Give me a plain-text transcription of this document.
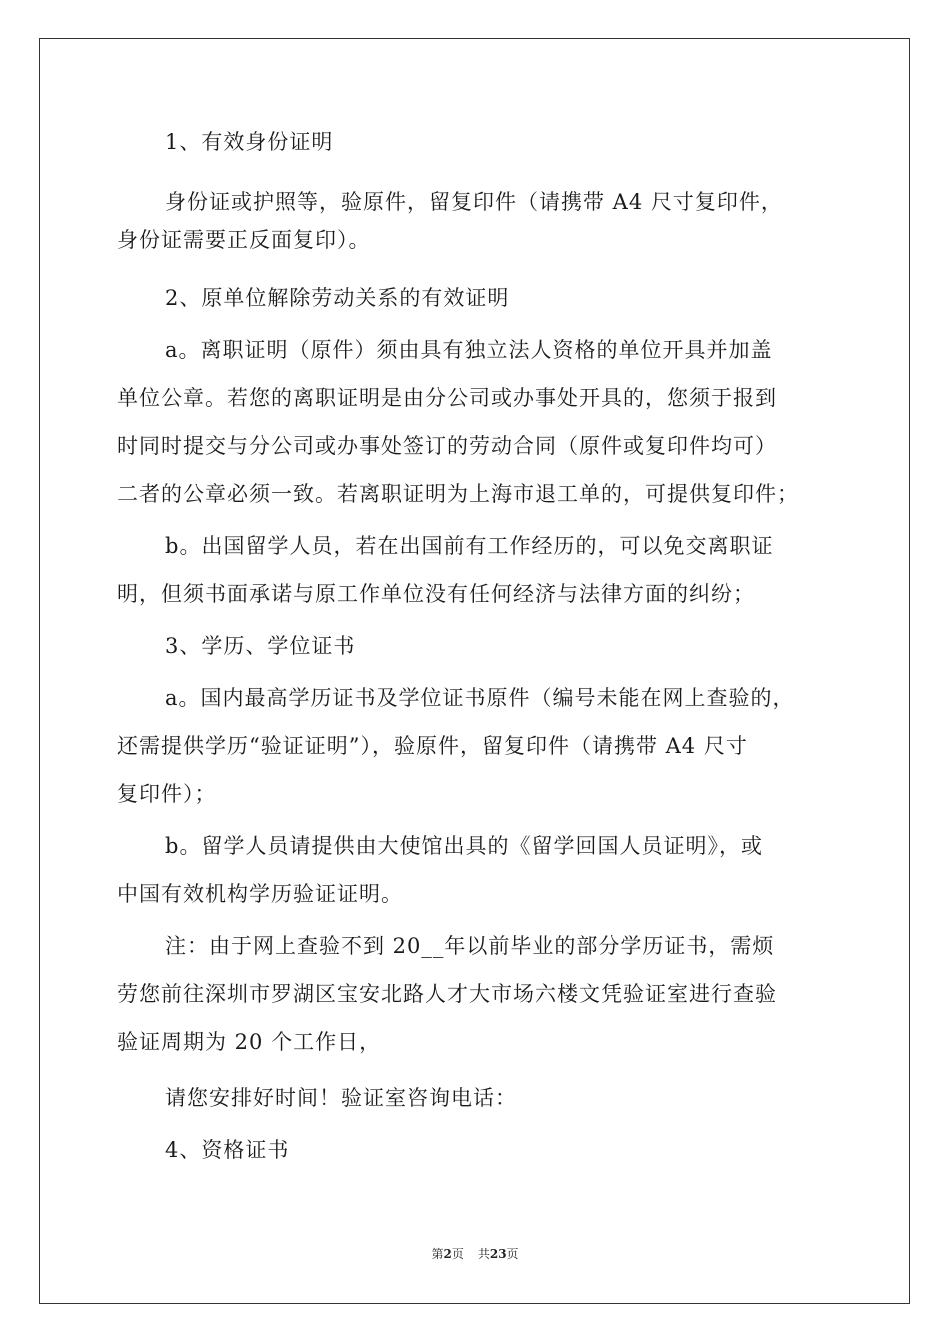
1、有效身份证明
身份证或护照等，验原件，留复印件（请携带 A4 尺寸复印件，
身份证需要正反面复印）。
2、原单位解除劳动关系的有效证明
a。离职证明（原件）须由具有独立法人资格的单位开具并加盖
单位公章。若您的离职证明是由分公司或办事处开具的，您须于报到
时同时提交与分公司或办事处签订的劳动合同（原件或复印件均可）
二者的公章必须一致。若离职证明为上海市退工单的，可提供复印件；
b。出国留学人员，若在出国前有工作经历的，可以免交离职证
明，但须书面承诺与原工作单位没有任何经济与法律方面的纠纷；
3、学历、学位证书
a。国内最高学历证书及学位证书原件（编号未能在网上查验的，
还需提供学历“验证证明”），验原件，留复印件（请携带 A4 尺寸
复印件）；
b。留学人员请提供由大使馆出具的《留学回国人员证明》，或
中国有效机构学历验证证明。
注：由于网上查验不到 20__年以前毕业的部分学历证书，需烦
劳您前往深圳市罗湖区宝安北路人才大市场六楼文凭验证室进行查验
验证周期为 20 个工作日，
请您安排好时间！验证室咨询电话：
4、资格证书
第2页 共23页
